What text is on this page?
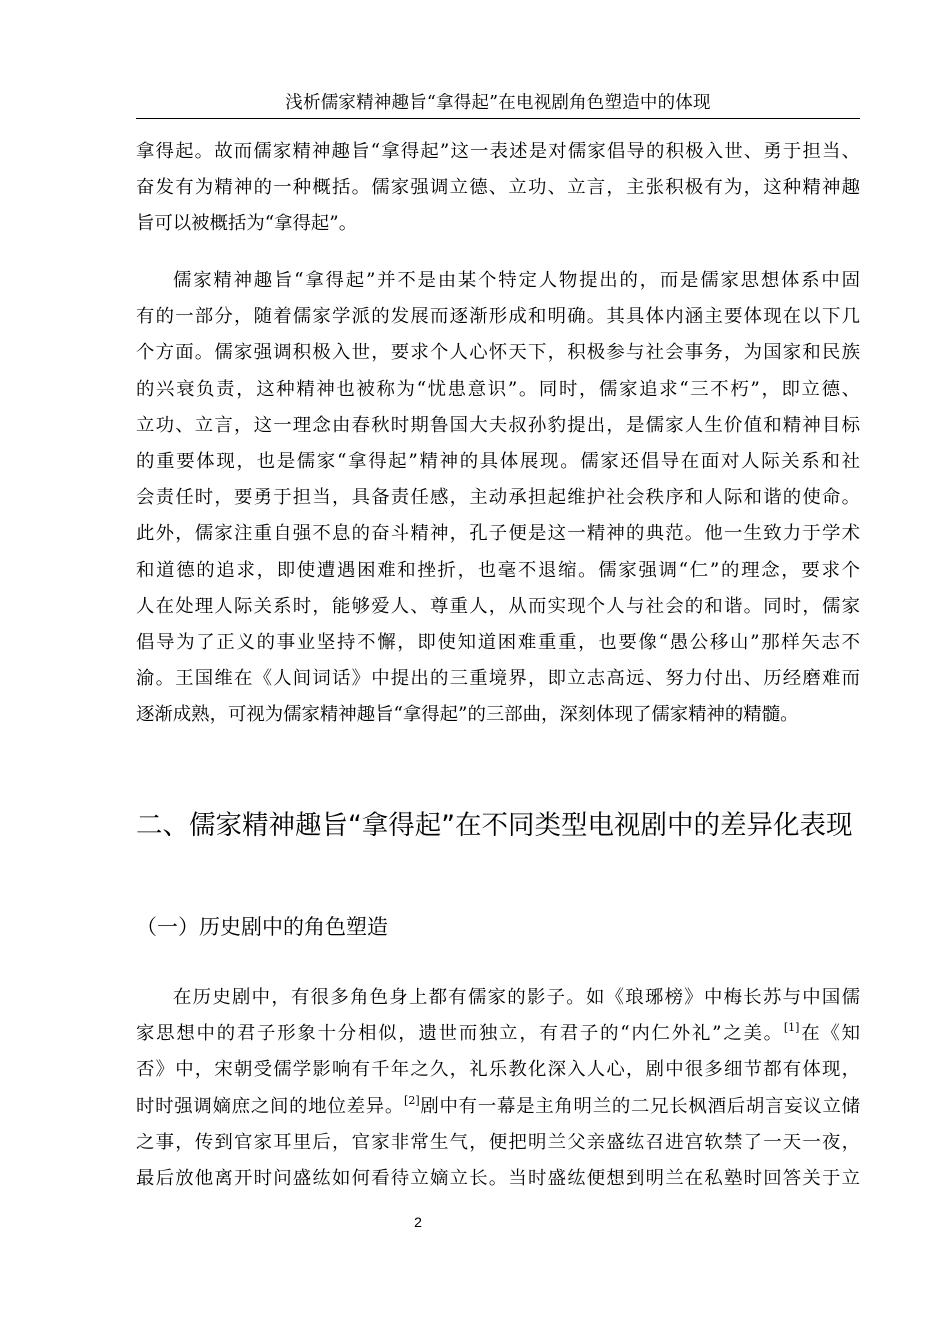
浅析儒家精神趣旨“拿得起”在电视剧角色塑造中的体现
拿得起。故而儒家精神趣旨“拿得起”这一表述是对儒家倡导的积极入世、勇于担当、
奋发有为精神的一种概括。儒家强调立德、立功、立言，主张积极有为，这种精神趣
旨可以被概括为“拿得起”。
儒家精神趣旨“拿得起”并不是由某个特定人物提出的，而是儒家思想体系中固
有的一部分，随着儒家学派的发展而逐渐形成和明确。其具体内涵主要体现在以下几
个方面。儒家强调积极入世，要求个人心怀天下，积极参与社会事务，为国家和民族
的兴衰负责，这种精神也被称为“忧患意识”。同时，儒家追求“三不朽”，即立德、
立功、立言，这一理念由春秋时期鲁国大夫叔孙豹提出，是儒家人生价值和精神目标
的重要体现，也是儒家“拿得起”精神的具体展现。儒家还倡导在面对人际关系和社
会责任时，要勇于担当，具备责任感，主动承担起维护社会秩序和人际和谐的使命。
此外，儒家注重自强不息的奋斗精神，孔子便是这一精神的典范。他一生致力于学术
和道德的追求，即使遭遇困难和挫折，也毫不退缩。儒家强调“仁”的理念，要求个
人在处理人际关系时，能够爱人、尊重人，从而实现个人与社会的和谐。同时，儒家
倡导为了正义的事业坚持不懈，即使知道困难重重，也要像“愚公移山”那样矢志不
渝。王国维在《人间词话》中提出的三重境界，即立志高远、努力付出、历经磨难而
逐渐成熟，可视为儒家精神趣旨“拿得起”的三部曲，深刻体现了儒家精神的精髓。
二、儒家精神趣旨“拿得起”在不同类型电视剧中的差异化表现
（一）历史剧中的角色塑造
在历史剧中，有很多角色身上都有儒家的影子。如《琅琊榜》中梅长苏与中国儒
家思想中的君子形象十分相似，遗世而独立，有君子的“内仁外礼”之美。[1]在《知
否》中，宋朝受儒学影响有千年之久，礼乐教化深入人心，剧中很多细节都有体现，
时时强调嫡庶之间的地位差异。[2]剧中有一幕是主角明兰的二兄长枫酒后胡言妄议立储
之事，传到官家耳里后，官家非常生气，便把明兰父亲盛纮召进宫软禁了一天一夜，
最后放他离开时问盛纮如何看待立嫡立长。当时盛纮便想到明兰在私塾时回答关于立
2
